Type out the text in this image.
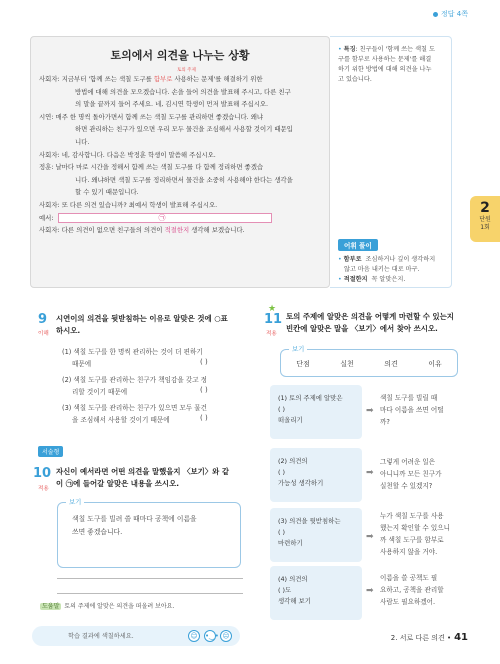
정답 4쪽
토의에서 의견을 나누는 상황
사회자: 지금부터 '함께 쓰는 색칠 도구를 함부로 사용하는 문제'를 해결하기 위한
방법에 대해 의견을 모으겠습니다. 손을 들어 의견을 발표해 주시고, 다른 친구
의 말을 끝까지 들어 주세요. 네, 김시연 학생이 먼저 발표해 주십시오.
시연: 매주 한 명씩 돌아가면서 함께 쓰는 색칠 도구를 관리하면 좋겠습니다. 왜냐
하면 관리하는 친구가 있으면 우리 모두 물건을 조심해서 사용할 것이기 때문입
니다.
사회자: 네, 감사합니다. 다음은 박정훈 학생이 말씀해 주십시오.
정훈: 날마다 마로 시간을 정해서 함께 쓰는 색칠 도구를 다 함께 정리하면 좋겠습
니다. 왜냐하면 색칠 도구를 정리하면서 물건을 소중히 사용해야 한다는 생각을
할 수 있기 때문입니다.
사회자: 또 다른 의견 있습니까? 최예서 학생이 발표해 주십시오.
예서:	㉠
사회자: 다른 의견이 없으면 친구들의 의견이 적절한지 생각해 보겠습니다.
토의 주제
• 특징: 친구들이 '함께 쓰는 색칠 도
구를 함부로 사용하는 문제'를 해결
하기 위한 방법에 대해 의견을 나누
고 있습니다.
어휘 풀이
• 함부로 조심하거나 깊이 생각하지
않고 마음 내키는 대로 마구.
• 적절한지 꼭 알맞은지.
2
단원
1회
9
이해
시연이의 의견을 뒷받침하는 이유로 알맞은 것에 ○표
하시오.
(1) 색칠 도구를 한 명씩 관리하는 것이 더 편하기
때문에	( )
(2) 색칠 도구를 관리하는 친구가 책임감을 갖고 정
리할 것이기 때문에	( )
(3) 색칠 도구를 관리하는 친구가 있으면 모두 물건
을 조심해서 사용할 것이기 때문에	( )
서술형
10
적용
자신이 예서라면 어떤 의견을 말했을지 〈보기〉와 같
이 ㉠에 들어갈 알맞은 내용을 쓰시오.
보기
색칠 도구를 빌려 쓸 때마다 공책에 이름을
쓰면 좋겠습니다.
도움말 토의 주제에 알맞은 의견을 떠올려 보아요.
★
11
적용
토의 주제에 알맞은 의견을 어떻게 마련할 수 있는지
빈칸에 알맞은 말을 〈보기〉에서 찾아 쓰시오.
보기
단점	실천	의견	이유
(1) 토의 주제에 알맞은
( )
떠올리기
➡
색칠 도구를 빌릴 때
마다 이름을 쓰면 어떨
까?
(2) 의견의
( )
가능성 생각하기
➡
그렇게 어려운 일은
아니니까 모든 친구가
실천할 수 있겠지?
(3) 의견을 뒷받침하는
( )
마련하기
➡
누가 색칠 도구를 사용
했는지 확인할 수 있으니
까 색칠 도구를 함부로
사용하지 않을 거야.
(4) 의견의
( )도
생각해 보기
➡
이름을 쓸 공책도 필
요하고, 공책을 관리할
사람도 필요하겠어.
학습 결과에 색칠하세요.	☺	•‿• ☹	2. 서로 다른 의견 • 41
